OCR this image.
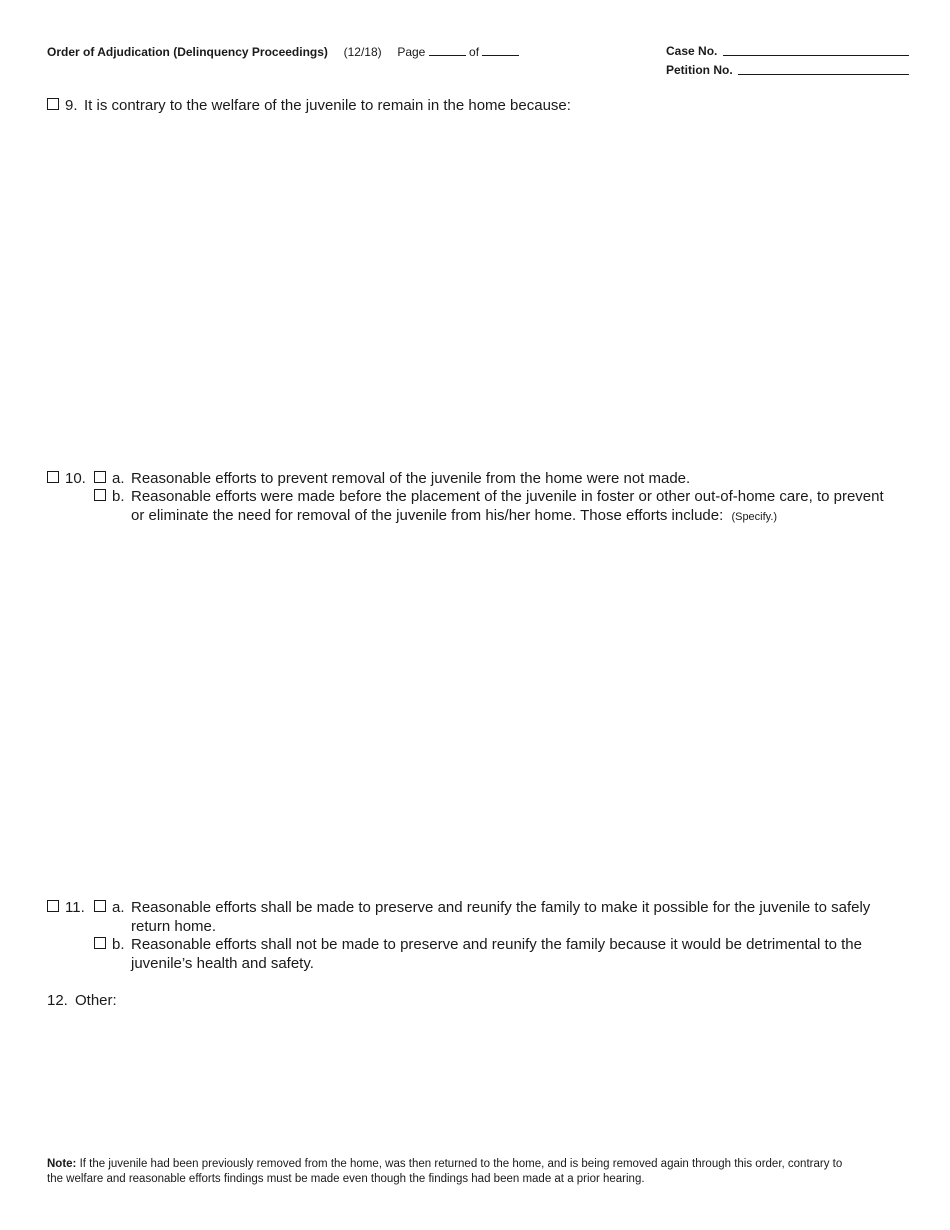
Order of Adjudication (Delinquency Proceedings) (12/18) Page	of	Case No.
Petition No.
9. It is contrary to the welfare of the juvenile to remain in the home because:
10. a. Reasonable efforts to prevent removal of the juvenile from the home were not made.
b. Reasonable efforts were made before the placement of the juvenile in foster or other out-of-home care, to prevent
or eliminate the need for removal of the juvenile from his/her home. Those efforts include: (Specify.)
11. a. Reasonable efforts shall be made to preserve and reunify the family to make it possible for the juvenile to safely
return home.
b. Reasonable efforts shall not be made to preserve and reunify the family because it would be detrimental to the
juvenile’s health and safety.
12. Other:
Note: If the juvenile had been previously removed from the home, was then returned to the home, and is being removed again through this order, contrary to
the welfare and reasonable efforts findings must be made even though the findings had been made at a prior hearing.
